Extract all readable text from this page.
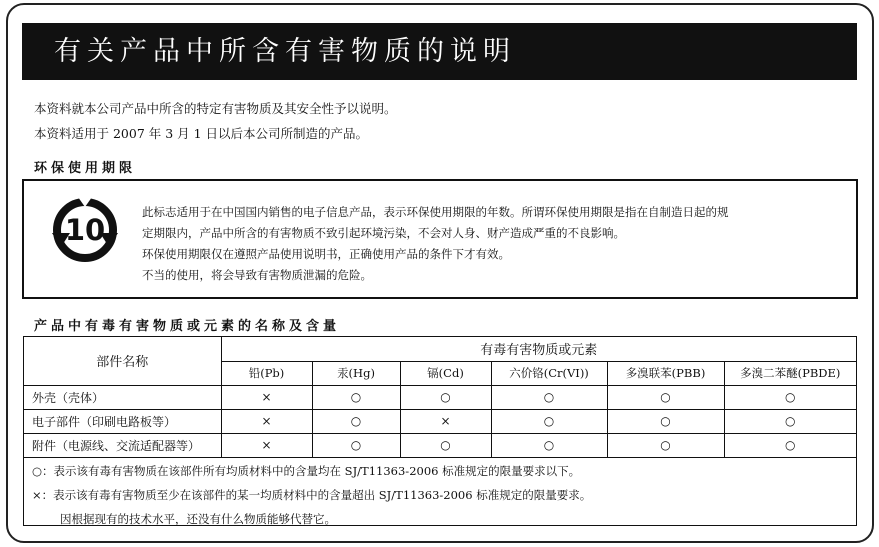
有关产品中所含有害物质的说明
本资料就本公司产品中所含的特定有害物质及其安全性予以说明。
本资料适用于 2007 年 3 月 1 日以后本公司所制造的产品。
环保使用期限
10

此标志适用于在中国国内销售的电子信息产品，表示环保使用期限的年数。所谓环保使用期限是指在自制造日起的规

定期限内，产品中所含的有害物质不致引起环境污染，不会对人身、财产造成严重的不良影响。

环保使用期限仅在遵照产品使用说明书，正确使用产品的条件下才有效。

不当的使用，将会导致有害物质泄漏的危险。

产品中有毒有害物质或元素的名称及含量
部件名称	有毒有害物质或元素					
	铅(Pb)	汞(Hg)	镉(Cd)	六价铬(Cr(VI))	多溴联苯(PBB)	多溴二苯醚(PBDE)
外壳（壳体）	×	○	○	○	○	○
电子部件（印刷电路板等）	×	○	×	○	○	○
附件（电源线、交流适配器等）	×	○	○	○	○	○
○：表示该有毒有害物质在该部件所有均质材料中的含量均在 SJ/T11363-2006 标准规定的限量要求以下。
×：表示该有毒有害物质至少在该部件的某一均质材料中的含量超出 SJ/T11363-2006 标准规定的限量要求。
因根据现有的技术水平，还没有什么物质能够代替它。
